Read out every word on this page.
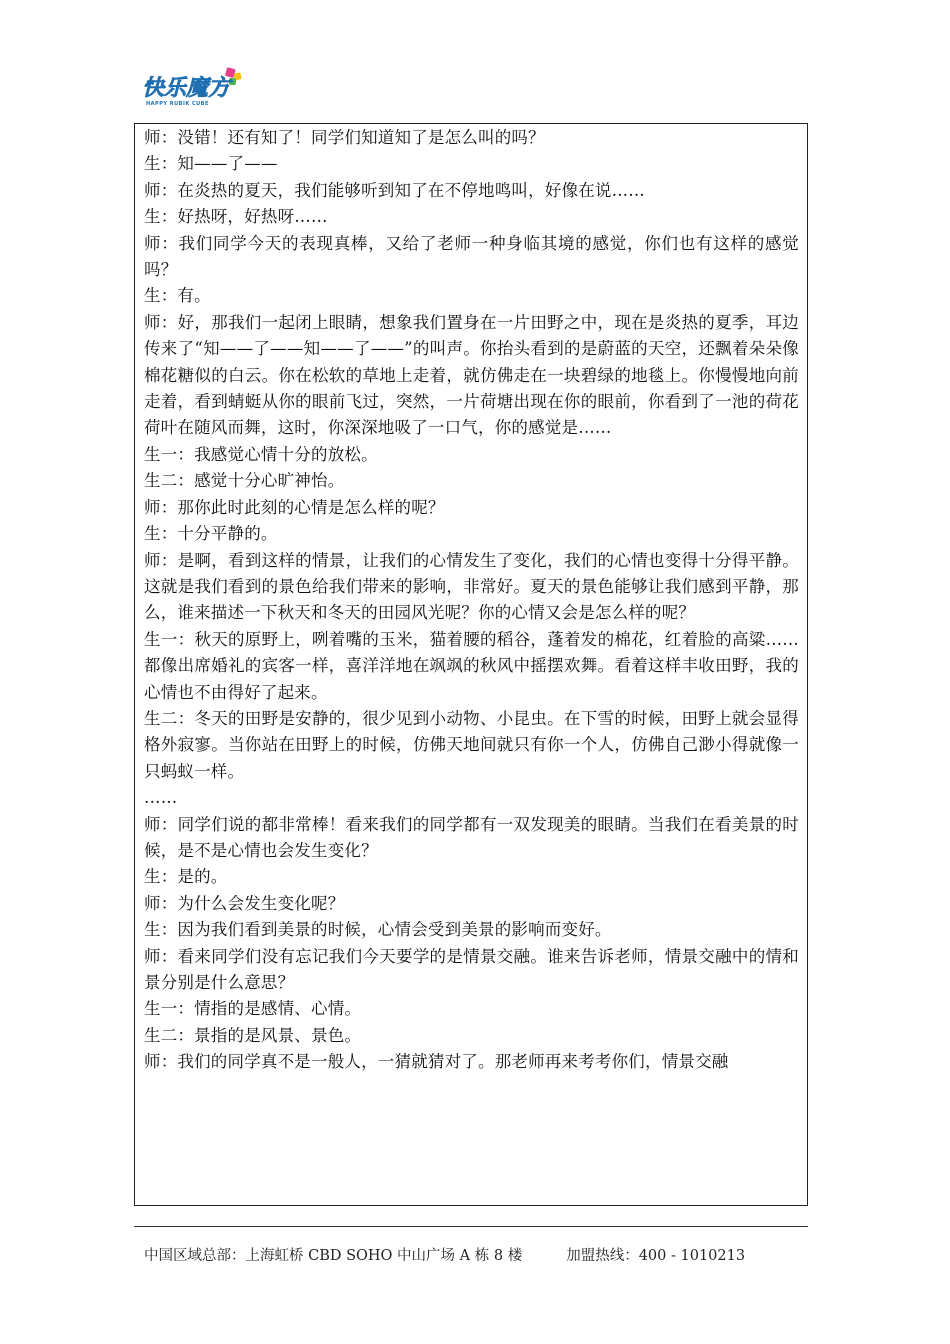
快乐魔方
HAPPY RUBIK CUBE
师：没错！还有知了！同学们知道知了是怎么叫的吗？
生：知——了——
师：在炎热的夏天，我们能够听到知了在不停地鸣叫，好像在说……
生：好热呀，好热呀……
师：我们同学今天的表现真棒，又给了老师一种身临其境的感觉，你们也有这样的感觉吗？
生：有。
师：好，那我们一起闭上眼睛，想象我们置身在一片田野之中，现在是炎热的夏季，耳边传来了“知——了——知——了——”的叫声。你抬头看到的是蔚蓝的天空，还飘着朵朵像棉花糖似的白云。你在松软的草地上走着，就仿佛走在一块碧绿的地毯上。你慢慢地向前走着，看到蜻蜓从你的眼前飞过，突然，一片荷塘出现在你的眼前，你看到了一池的荷花荷叶在随风而舞，这时，你深深地吸了一口气，你的感觉是……
生一：我感觉心情十分的放松。
生二：感觉十分心旷神怡。
师：那你此时此刻的心情是怎么样的呢？
生：十分平静的。
师：是啊，看到这样的情景，让我们的心情发生了变化，我们的心情也变得十分得平静。这就是我们看到的景色给我们带来的影响，非常好。夏天的景色能够让我们感到平静，那么，谁来描述一下秋天和冬天的田园风光呢？你的心情又会是怎么样的呢？
生一：秋天的原野上，咧着嘴的玉米，猫着腰的稻谷，蓬着发的棉花，红着脸的高粱……都像出席婚礼的宾客一样，喜洋洋地在飒飒的秋风中摇摆欢舞。看着这样丰收田野，我的心情也不由得好了起来。
生二：冬天的田野是安静的，很少见到小动物、小昆虫。在下雪的时候，田野上就会显得格外寂寥。当你站在田野上的时候，仿佛天地间就只有你一个人，仿佛自己渺小得就像一只蚂蚁一样。
……
师：同学们说的都非常棒！看来我们的同学都有一双发现美的眼睛。当我们在看美景的时候，是不是心情也会发生变化？
生：是的。
师：为什么会发生变化呢？
生：因为我们看到美景的时候，心情会受到美景的影响而变好。
师：看来同学们没有忘记我们今天要学的是情景交融。谁来告诉老师，情景交融中的情和景分别是什么意思？
生一：情指的是感情、心情。
生二：景指的是风景、景色。
师：我们的同学真不是一般人，一猜就猜对了。那老师再来考考你们，情景交融
中国区域总部：上海虹桥 CBD SOHO 中山广场 A 栋 8 楼	加盟热线：400 - 1010213
